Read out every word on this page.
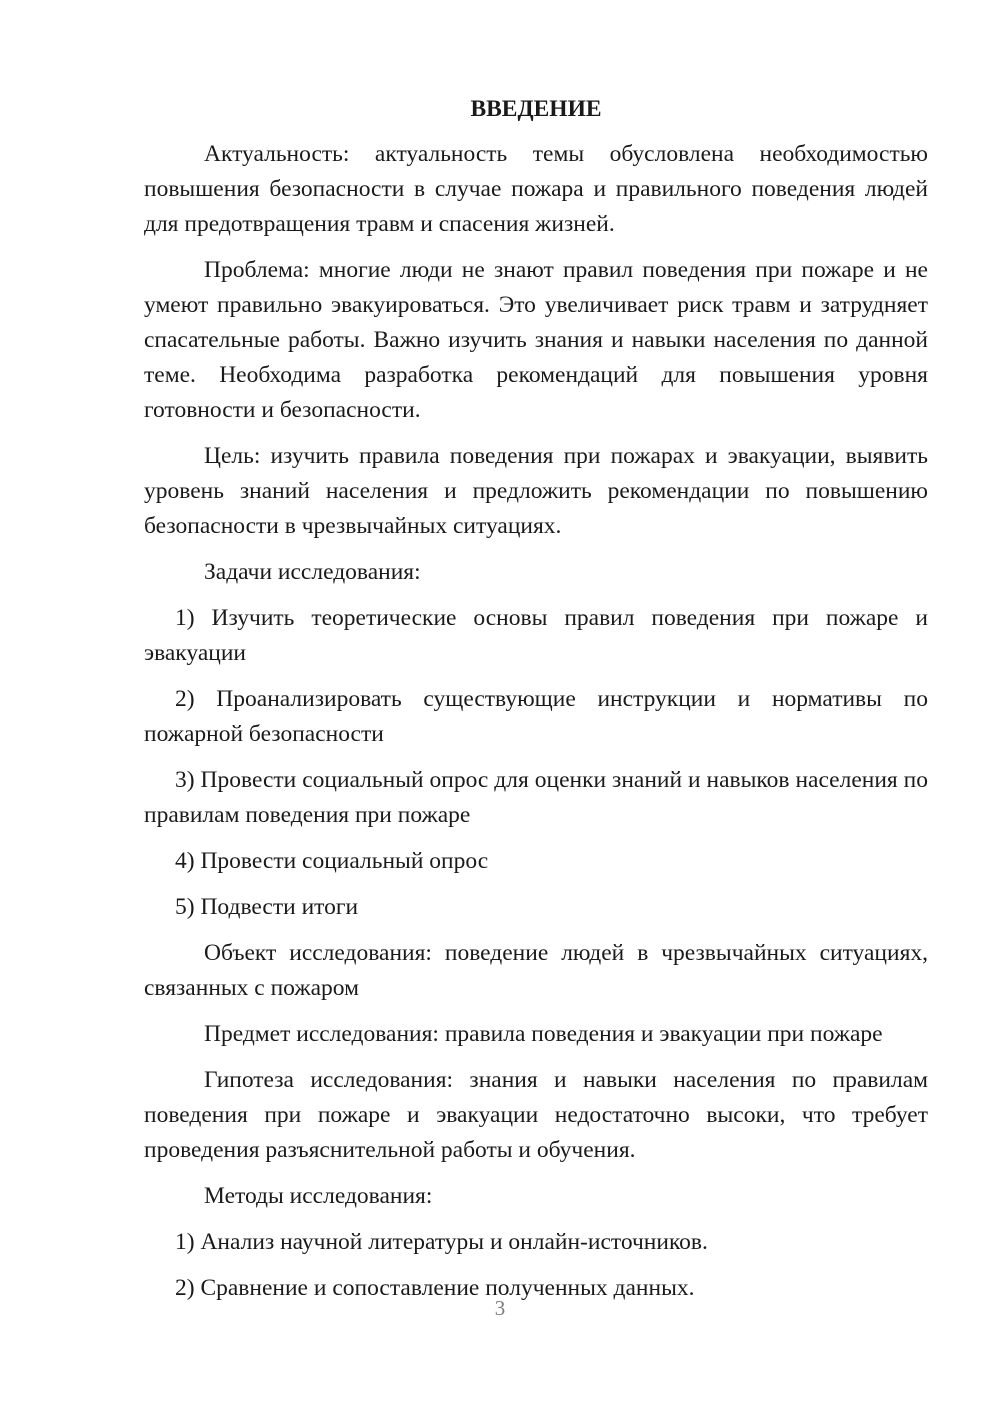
ВВЕДЕНИЕ

Актуальность: актуальность темы обусловлена необходимостью повышения безопасности в случае пожара и правильного поведения людей для предотвращения травм и спасения жизней.

Проблема: многие люди не знают правил поведения при пожаре и не умеют правильно эвакуироваться. Это увеличивает риск травм и затрудняет спасательные работы. Важно изучить знания и навыки населения по данной теме. Необходима разработка рекомендаций для повышения уровня готовности и безопасности.

Цель: изучить правила поведения при пожарах и эвакуации, выявить уровень знаний населения и предложить рекомендации по повышению безопасности в чрезвычайных ситуациях.

Задачи исследования:

1) Изучить теоретические основы правил поведения при пожаре и эвакуации

2) Проанализировать существующие инструкции и нормативы по пожарной безопасности

3) Провести социальный опрос для оценки знаний и навыков населения по правилам поведения при пожаре

4) Провести социальный опрос

5) Подвести итоги

Объект исследования: поведение людей в чрезвычайных ситуациях, связанных с пожаром

Предмет исследования: правила поведения и эвакуации при пожаре

Гипотеза исследования: знания и навыки населения по правилам поведения при пожаре и эвакуации недостаточно высоки, что требует проведения разъяснительной работы и обучения.

Методы исследования:

1) Анализ научной литературы и онлайн-источников.

2) Сравнение и сопоставление полученных данных.

3
